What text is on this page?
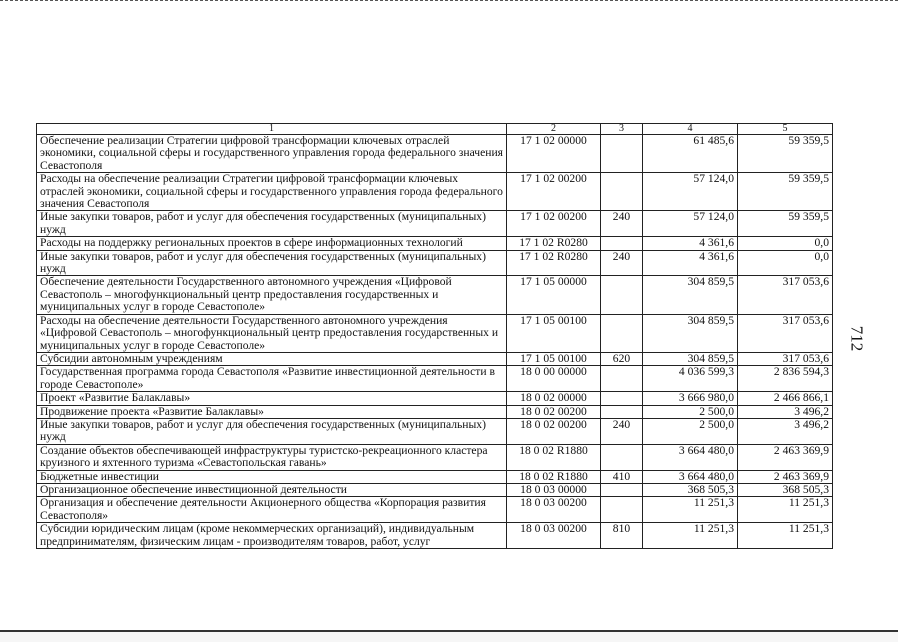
1	2	3	4	5
Обеспечение реализации Стратегии цифровой трансформации ключевых отраслей экономики, социальной сферы и государственного управления города федерального значения Севастополя	17 1 02 00000		61 485,6	59 359,5
Расходы на обеспечение реализации Стратегии цифровой трансформации ключевых отраслей экономики, социальной сферы и государственного управления города федерального значения Севастополя	17 1 02 00200		57 124,0	59 359,5
Иные закупки товаров, работ и услуг для обеспечения государственных (муниципальных) нужд	17 1 02 00200	240	57 124,0	59 359,5
Расходы на поддержку региональных проектов в сфере информационных технологий	17 1 02 R0280		4 361,6	0,0
Иные закупки товаров, работ и услуг для обеспечения государственных (муниципальных) нужд	17 1 02 R0280	240	4 361,6	0,0
Обеспечение деятельности Государственного автономного учреждения «Цифровой Севастополь – многофункциональный центр предоставления государственных и муниципальных услуг в городе Севастополе»	17 1 05 00000		304 859,5	317 053,6
Расходы на обеспечение деятельности Государственного автономного учреждения «Цифровой Севастополь – многофункциональный центр предоставления государственных и муниципальных услуг в городе Севастополе»	17 1 05 00100		304 859,5	317 053,6
Субсидии автономным учреждениям	17 1 05 00100	620	304 859,5	317 053,6
Государственная программа города Севастополя «Развитие инвестиционной деятельности в городе Севастополе»	18 0 00 00000		4 036 599,3	2 836 594,3
Проект «Развитие Балаклавы»	18 0 02 00000		3 666 980,0	2 466 866,1
Продвижение проекта «Развитие Балаклавы»	18 0 02 00200		2 500,0	3 496,2
Иные закупки товаров, работ и услуг для обеспечения государственных (муниципальных) нужд	18 0 02 00200	240	2 500,0	3 496,2
Создание объектов обеспечивающей инфраструктуры туристско-рекреационного кластера круизного и яхтенного туризма «Севастопольская гавань»	18 0 02 R1880		3 664 480,0	2 463 369,9
Бюджетные инвестиции	18 0 02 R1880	410	3 664 480,0	2 463 369,9
Организационное обеспечение инвестиционной деятельности	18 0 03 00000		368 505,3	368 505,3
Организация и обеспечение деятельности Акционерного общества «Корпорация развития Севастополя»	18 0 03 00200		11 251,3	11 251,3
Субсидии юридическим лицам (кроме некоммерческих организаций), индивидуальным предпринимателям, физическим лицам - производителям товаров, работ, услуг	18 0 03 00200	810	11 251,3	11 251,3
712
